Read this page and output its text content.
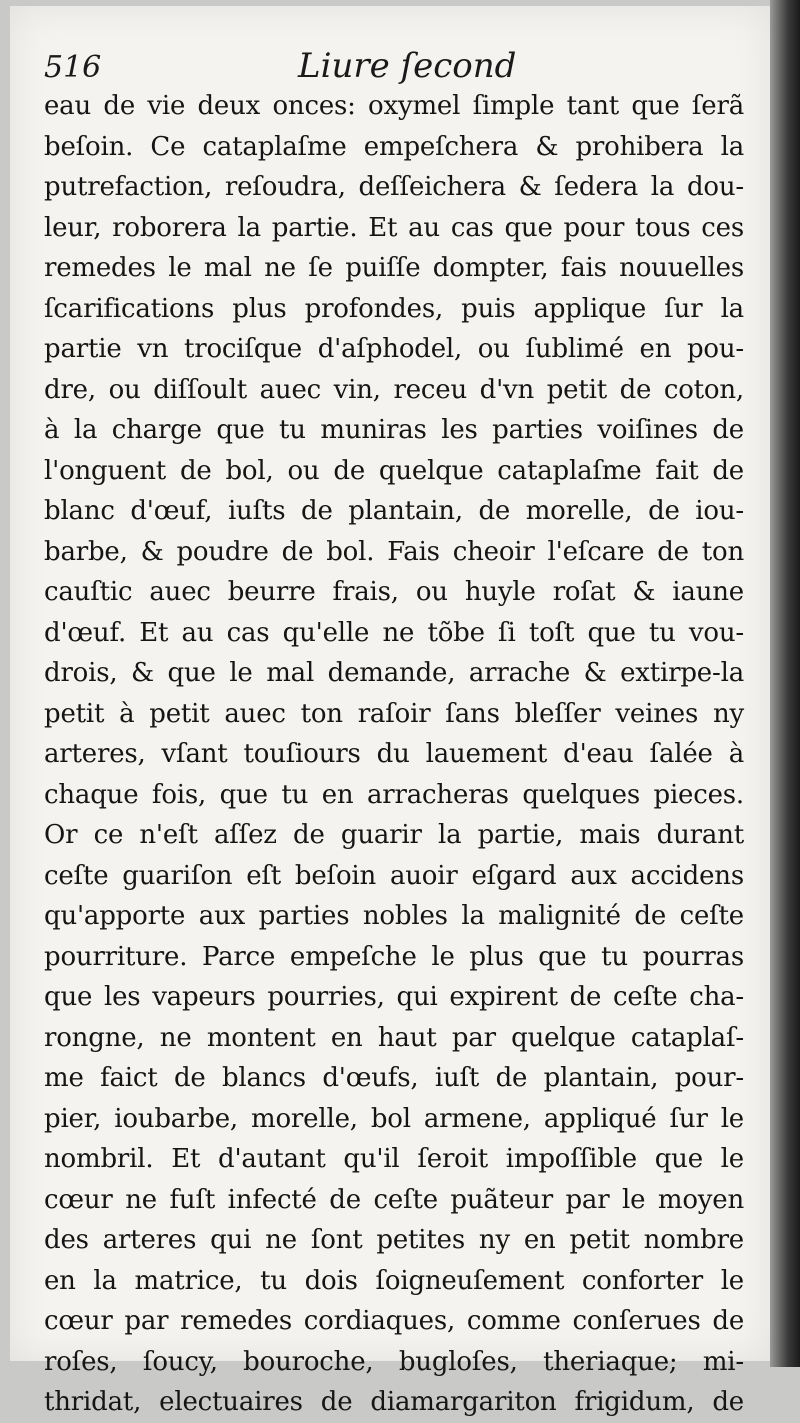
516	Liure ſecond
eau de vie deux onces: oxymel ſimple tant que ſerã
beſoin. Ce cataplaſme empeſchera & prohibera la
putrefaction, reſoudra, deſſeichera & ſedera la dou-
leur, roborera la partie. Et au cas que pour tous ces
remedes le mal ne ſe puiſſe dompter, fais nouuelles
ſcarifications plus profondes, puis applique ſur la
partie vn trociſque d'aſphodel, ou ſublimé en pou-
dre, ou diſſoult auec vin, receu d'vn petit de coton,
à la charge que tu muniras les parties voiſines de
l'onguent de bol, ou de quelque cataplaſme fait de
blanc d'œuf, iuſts de plantain, de morelle, de iou-
barbe, & poudre de bol. Fais cheoir l'eſcare de ton
cauſtic auec beurre frais, ou huyle roſat & iaune
d'œuf. Et au cas qu'elle ne tõbe ſi toſt que tu vou-
drois, & que le mal demande, arrache & extirpe-la
petit à petit auec ton raſoir ſans bleſſer veines ny
arteres, vſant touſiours du lauement d'eau ſalée à
chaque fois, que tu en arracheras quelques pieces.
Or ce n'eſt aſſez de guarir la partie, mais durant
ceſte guariſon eſt beſoin auoir eſgard aux accidens
qu'apporte aux parties nobles la malignité de ceſte
pourriture. Parce empeſche le plus que tu pourras
que les vapeurs pourries, qui expirent de ceſte cha-
rongne, ne montent en haut par quelque cataplaſ-
me faict de blancs d'œufs, iuſt de plantain, pour-
pier, ioubarbe, morelle, bol armene, appliqué ſur le
nombril. Et d'autant qu'il ſeroit impoſſible que le
cœur ne fuſt infecté de ceſte puãteur par le moyen
des arteres qui ne ſont petites ny en petit nombre
en la matrice, tu dois ſoigneuſement conforter le
cœur par remedes cordiaques, comme conſerues de
roſes, ſoucy, bouroche, bugloſes, theriaque; mi-
thridat, electuaires de diamargariton frigidum, de
